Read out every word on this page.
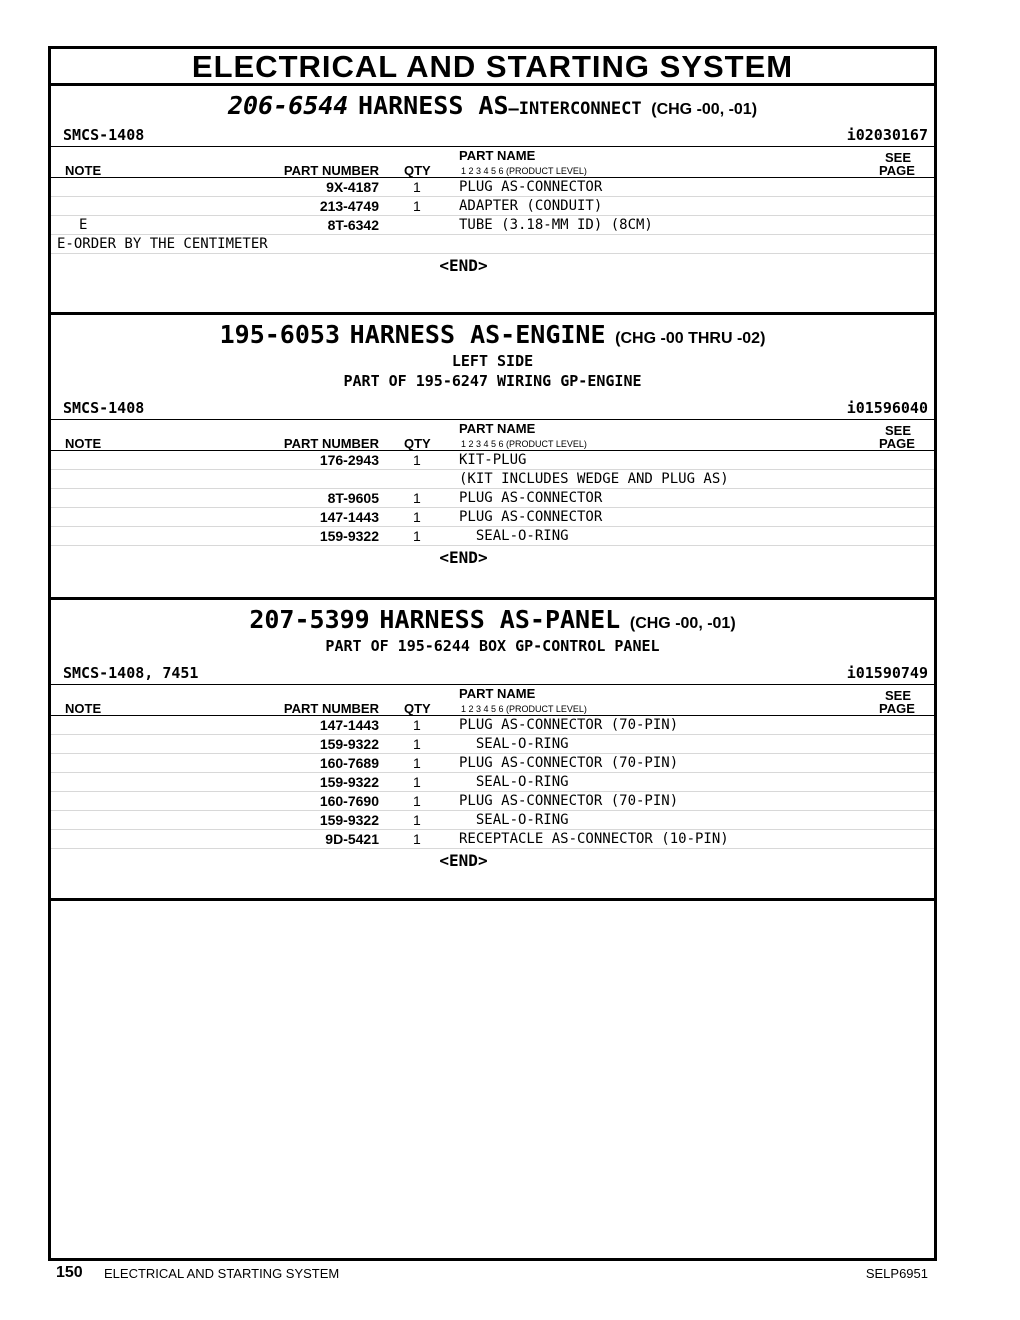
ELECTRICAL AND STARTING SYSTEM
206-6544 HARNESS AS—INTERCONNECT (CHG -00, -01)
SMCS-1408	i02030167
NOTE	PART NUMBER QTY
PART NAME
1 2 3 4 5 6 (PRODUCT LEVEL)
SEE
PAGE
9X-4187 1	PLUG AS-CONNECTOR
213-4749 1	ADAPTER (CONDUIT)
E	8T-6342	TUBE (3.18-MM ID) (8CM)
E-ORDER BY THE CENTIMETER
<END>
195-6053 HARNESS AS-ENGINE (CHG -00 THRU -02)
LEFT SIDE
PART OF 195-6247 WIRING GP-ENGINE
SMCS-1408	i01596040
NOTE	PART NUMBER QTY
PART NAME
1 2 3 4 5 6 (PRODUCT LEVEL)
SEE
PAGE
176-2943 1	KIT-PLUG
(KIT INCLUDES WEDGE AND PLUG AS)
8T-9605 1	PLUG AS-CONNECTOR
147-1443 1	PLUG AS-CONNECTOR
159-9322 1	SEAL-O-RING
<END>
207-5399 HARNESS AS-PANEL (CHG -00, -01)
PART OF 195-6244 BOX GP-CONTROL PANEL
SMCS-1408, 7451	i01590749
NOTE	PART NUMBER QTY
PART NAME
1 2 3 4 5 6 (PRODUCT LEVEL)
SEE
PAGE
147-1443 1	PLUG AS-CONNECTOR (70-PIN)
159-9322 1	SEAL-O-RING
160-7689 1	PLUG AS-CONNECTOR (70-PIN)
159-9322 1	SEAL-O-RING
160-7690 1	PLUG AS-CONNECTOR (70-PIN)
159-9322 1	SEAL-O-RING
9D-5421 1	RECEPTACLE AS-CONNECTOR (10-PIN)
<END>
150 ELECTRICAL AND STARTING SYSTEM	SELP6951
